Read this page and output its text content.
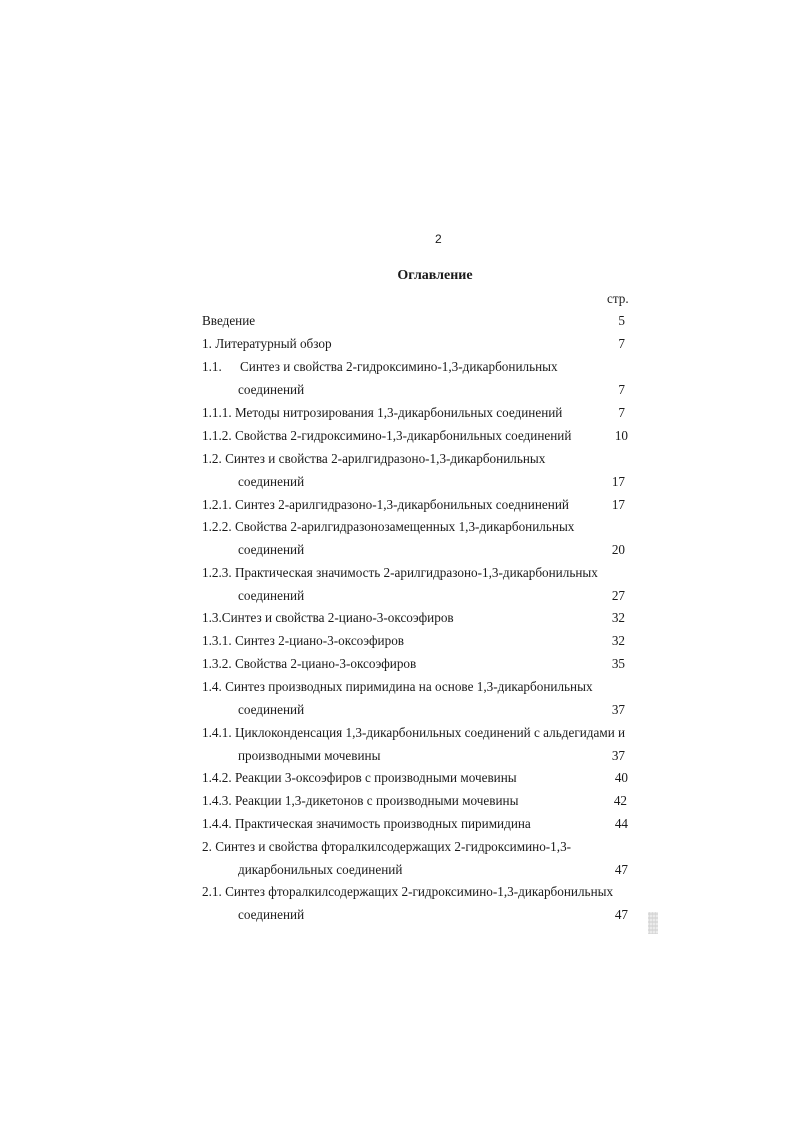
2
Оглавление
стр.
Введение	5
1. Литературный обзор	7
1.1. Синтез и свойства 2-гидроксимино-1,3-дикарбонильных
соединений	7
1.1.1. Методы нитрозирования 1,3-дикарбонильных соединений	7
1.1.2. Свойства 2-гидроксимино-1,3-дикарбонильных соединений	10
1.2. Синтез и свойства 2-арилгидразоно-1,3-дикарбонильных
соединений	17
1.2.1. Синтез 2-арилгидразоно-1,3-дикарбонильных соеднинений	17
1.2.2. Свойства 2-арилгидразонозамещенных 1,3-дикарбонильных
соединений	20
1.2.3. Практическая значимость 2-арилгидразоно-1,3-дикарбонильных
соединений	27
1.3.Синтез и свойства 2-циано-3-оксоэфиров	32
1.3.1. Синтез 2-циано-3-оксоэфиров	32
1.3.2. Свойства 2-циано-3-оксоэфиров	35
1.4. Синтез производных пиримидина на основе 1,3-дикарбонильных
соединений	37
1.4.1. Циклоконденсация 1,3-дикарбонильных соединений с альдегидами и
производными мочевины	37
1.4.2. Реакции 3-оксоэфиров с производными мочевины	40
1.4.3. Реакции 1,3-дикетонов с производными мочевины	42
1.4.4. Практическая значимость производных пиримидина	44
2. Синтез и свойства фторалкилсодержащих 2-гидроксимино-1,3-
дикарбонильных соединений	47
2.1. Синтез фторалкилсодержащих 2-гидроксимино-1,3-дикарбонильных
соединений	47
